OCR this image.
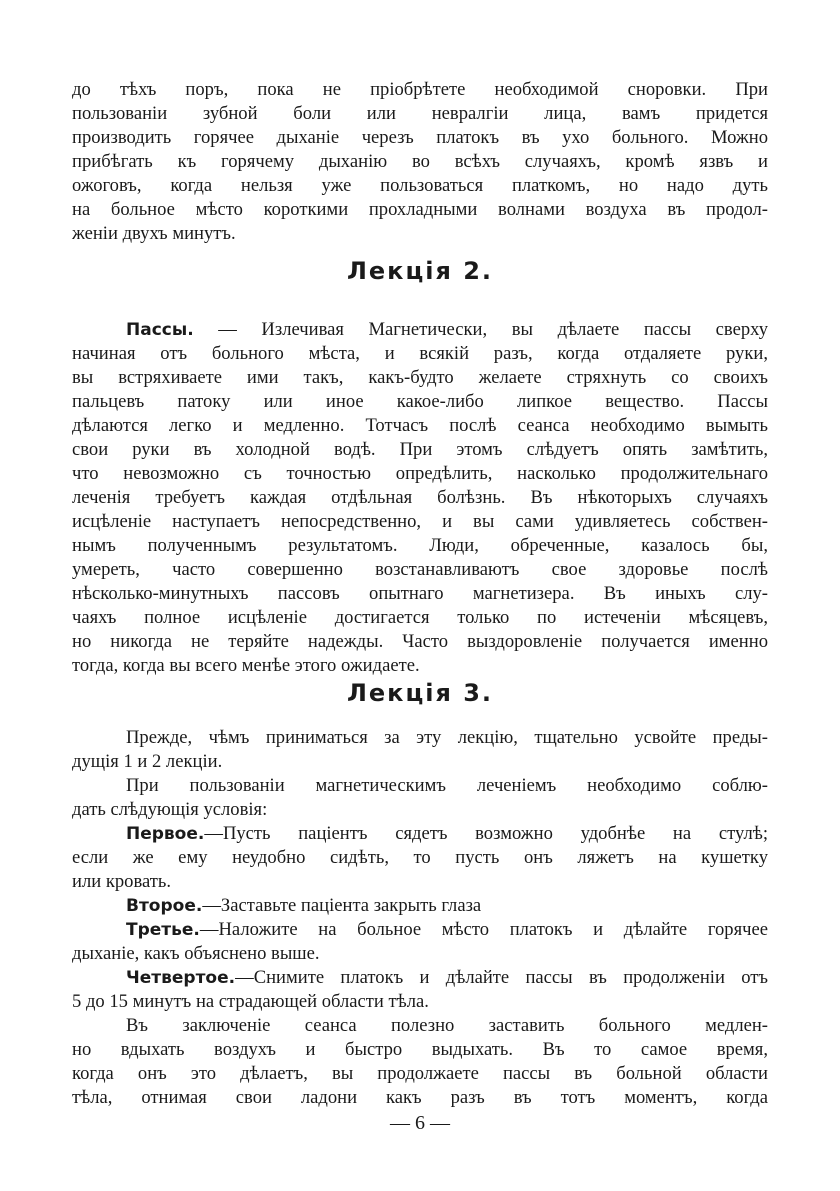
до тѣхъ поръ, пока не пріобрѣтете необходимой сноровки. При
пользованіи зубной боли или невралгіи лица, вамъ придется
производить горячее дыханіе черезъ платокъ въ ухо больного. Можно
прибѣгать къ горячему дыханію во всѣхъ случаяхъ, кромѣ язвъ и
ожоговъ, когда нельзя уже пользоваться платкомъ, но надо дуть
на больное мѣсто короткими прохладными волнами воздуха въ продол-
женіи двухъ минутъ.
Лекція 2.
Пассы. — Излечивая Магнетически, вы дѣлаете пассы сверху
начиная отъ больного мѣста, и всякій разъ, когда отдаляете руки,
вы встряхиваете ими такъ, какъ-будто желаете стряхнуть со своихъ
пальцевъ патоку или иное какое-либо липкое вещество. Пассы
дѣлаются легко и медленно. Тотчасъ послѣ сеанса необходимо вымыть
свои руки въ холодной водѣ. При этомъ слѣдуетъ опять замѣтить,
что невозможно съ точностью опредѣлить, насколько продолжительнаго
леченія требуетъ каждая отдѣльная болѣзнь. Въ нѣкоторыхъ случаяхъ
исцѣленіе наступаетъ непосредственно, и вы сами удивляетесь собствен-
нымъ полученнымъ результатомъ. Люди, обреченные, казалось бы,
умереть, часто совершенно возстанавливаютъ свое здоровье послѣ
нѣсколько-минутныхъ пассовъ опытнаго магнетизера. Въ иныхъ слу-
чаяхъ полное исцѣленіе достигается только по истеченіи мѣсяцевъ,
но никогда не теряйте надежды. Часто выздоровленіе получается именно
тогда, когда вы всего менѣе этого ожидаете.
Лекція 3.
Прежде, чѣмъ приниматься за эту лекцію, тщательно усвойте преды-
дущія 1 и 2 лекціи.
При пользованіи магнетическимъ леченіемъ необходимо соблю-
дать слѣдующія условія:
Первое.—Пусть паціентъ сядетъ возможно удобнѣе на стулѣ;
если же ему неудобно сидѣть, то пусть онъ ляжетъ на кушетку
или кровать.
Второе.—Заставьте паціента закрыть глаза
Третье.—Наложите на больное мѣсто платокъ и дѣлайте горячее
дыханіе, какъ объяснено выше.
Четвертое.—Снимите платокъ и дѣлайте пассы въ продолженіи отъ
5 до 15 минутъ на страдающей области тѣла.
Въ заключеніе сеанса полезно заставить больного медлен-
но вдыхать воздухъ и быстро выдыхать. Въ то самое время,
когда онъ это дѣлаетъ, вы продолжаете пассы въ больной области
тѣла, отнимая свои ладони какъ разъ въ тотъ моментъ, когда
— 6 —
